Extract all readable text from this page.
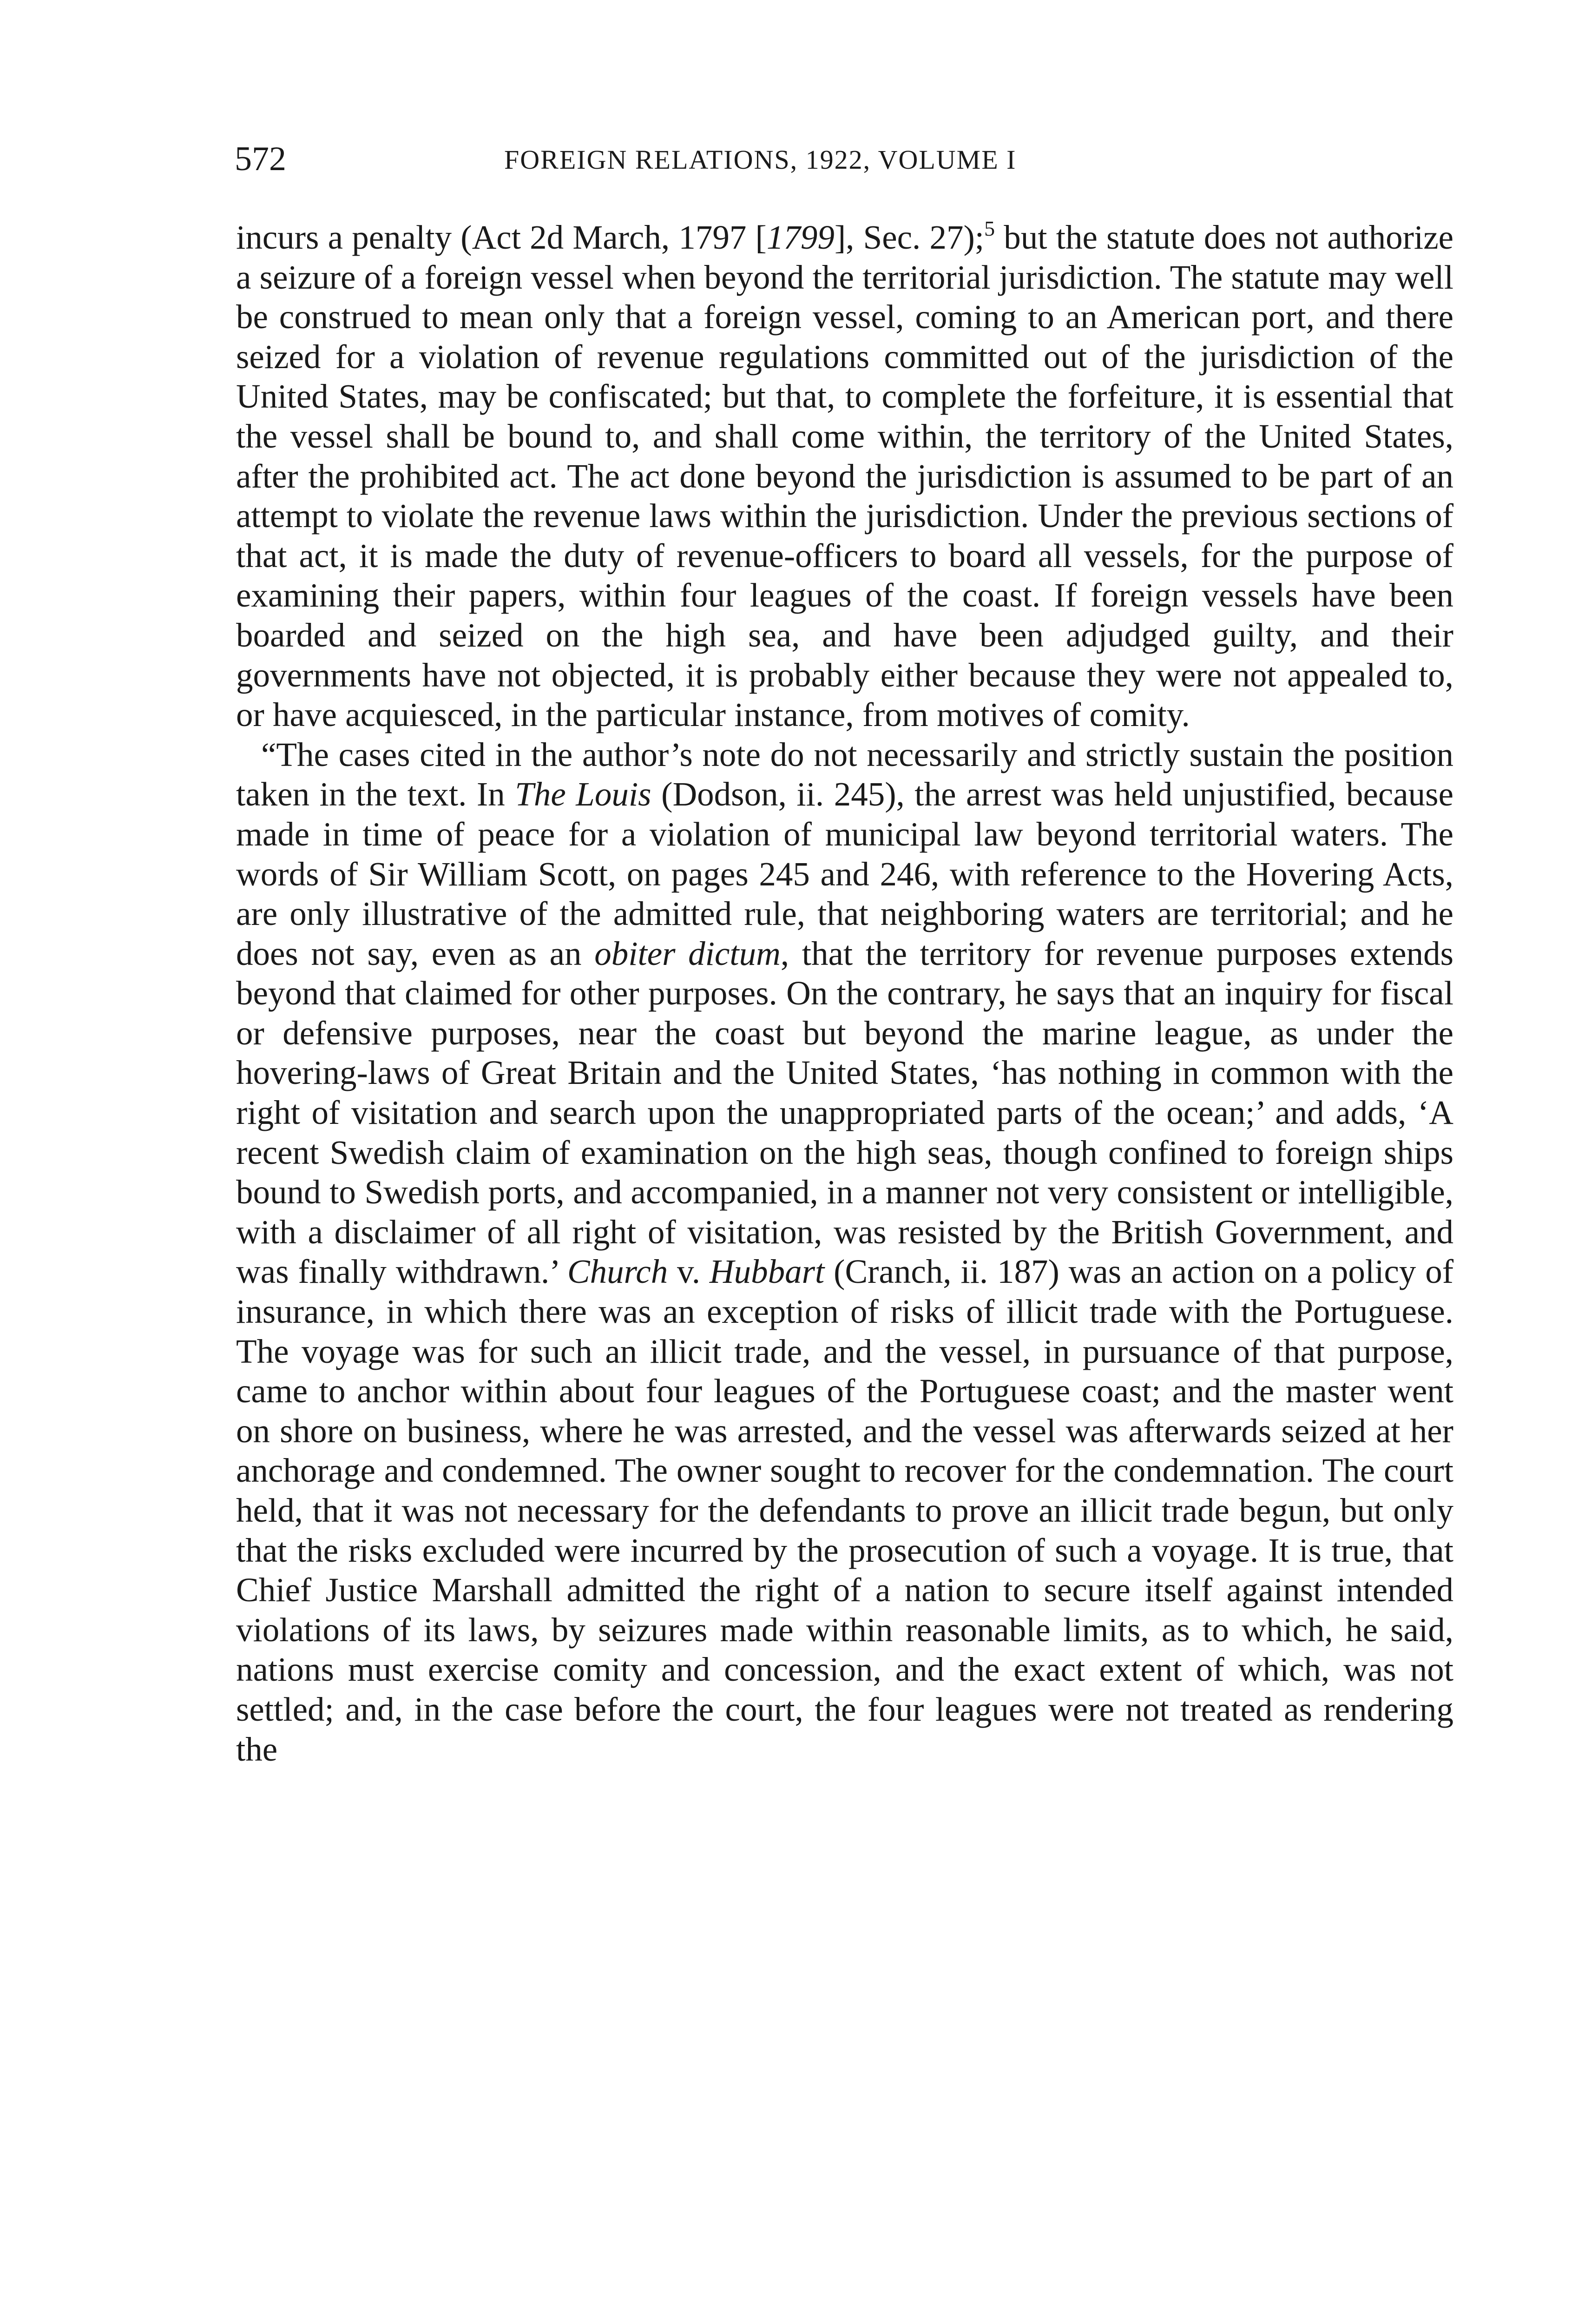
572	FOREIGN RELATIONS, 1922, VOLUME I

incurs a penalty (Act 2d March, 1797 [1799], Sec. 27);$^5$ but the statute does not authorize a seizure of a foreign vessel when beyond the territorial jurisdiction. The statute may well be construed to mean only that a foreign vessel, coming to an American port, and there seized for a violation of revenue regulations committed out of the jurisdiction of the United States, may be confiscated; but that, to complete the forfeiture, it is essential that the vessel shall be bound to, and shall come within, the territory of the United States, after the prohibited act. The act done beyond the jurisdiction is assumed to be part of an attempt to violate the revenue laws within the jurisdiction. Under the previous sections of that act, it is made the duty of revenue-officers to board all vessels, for the purpose of examining their papers, within four leagues of the coast. If foreign vessels have been boarded and seized on the high sea, and have been adjudged guilty, and their governments have not objected, it is probably either because they were not appealed to, or have acquiesced, in the particular instance, from motives of comity.

“The cases cited in the author’s note do not necessarily and strictly sustain the position taken in the text. In The Louis (Dodson, ii. 245), the arrest was held unjustified, because made in time of peace for a violation of municipal law beyond territorial waters. The words of Sir William Scott, on pages 245 and 246, with reference to the Hovering Acts, are only illustrative of the admitted rule, that neighboring waters are territorial; and he does not say, even as an obiter dictum, that the territory for revenue purposes extends beyond that claimed for other purposes. On the contrary, he says that an inquiry for fiscal or defensive purposes, near the coast but beyond the marine league, as under the hovering-laws of Great Britain and the United States, ‘has nothing in common with the right of visitation and search upon the unappropriated parts of the ocean;’ and adds, ‘A recent Swedish claim of examination on the high seas, though confined to foreign ships bound to Swedish ports, and accompanied, in a manner not very consistent or intelligible, with a disclaimer of all right of visitation, was resisted by the British Government, and was finally withdrawn.’ Church v. Hubbart (Cranch, ii. 187) was an action on a policy of insurance, in which there was an exception of risks of illicit trade with the Portuguese. The voyage was for such an illicit trade, and the vessel, in pursuance of that purpose, came to anchor within about four leagues of the Portuguese coast; and the master went on shore on business, where he was arrested, and the vessel was afterwards seized at her anchorage and condemned. The owner sought to recover for the condemnation. The court held, that it was not necessary for the defendants to prove an illicit trade begun, but only that the risks excluded were incurred by the prosecution of such a voyage. It is true, that Chief Justice Marshall admitted the right of a nation to secure itself against intended violations of its laws, by seizures made within reasonable limits, as to which, he said, nations must exercise comity and concession, and the exact extent of which, was not settled; and, in the case before the court, the four leagues were not treated as rendering the
